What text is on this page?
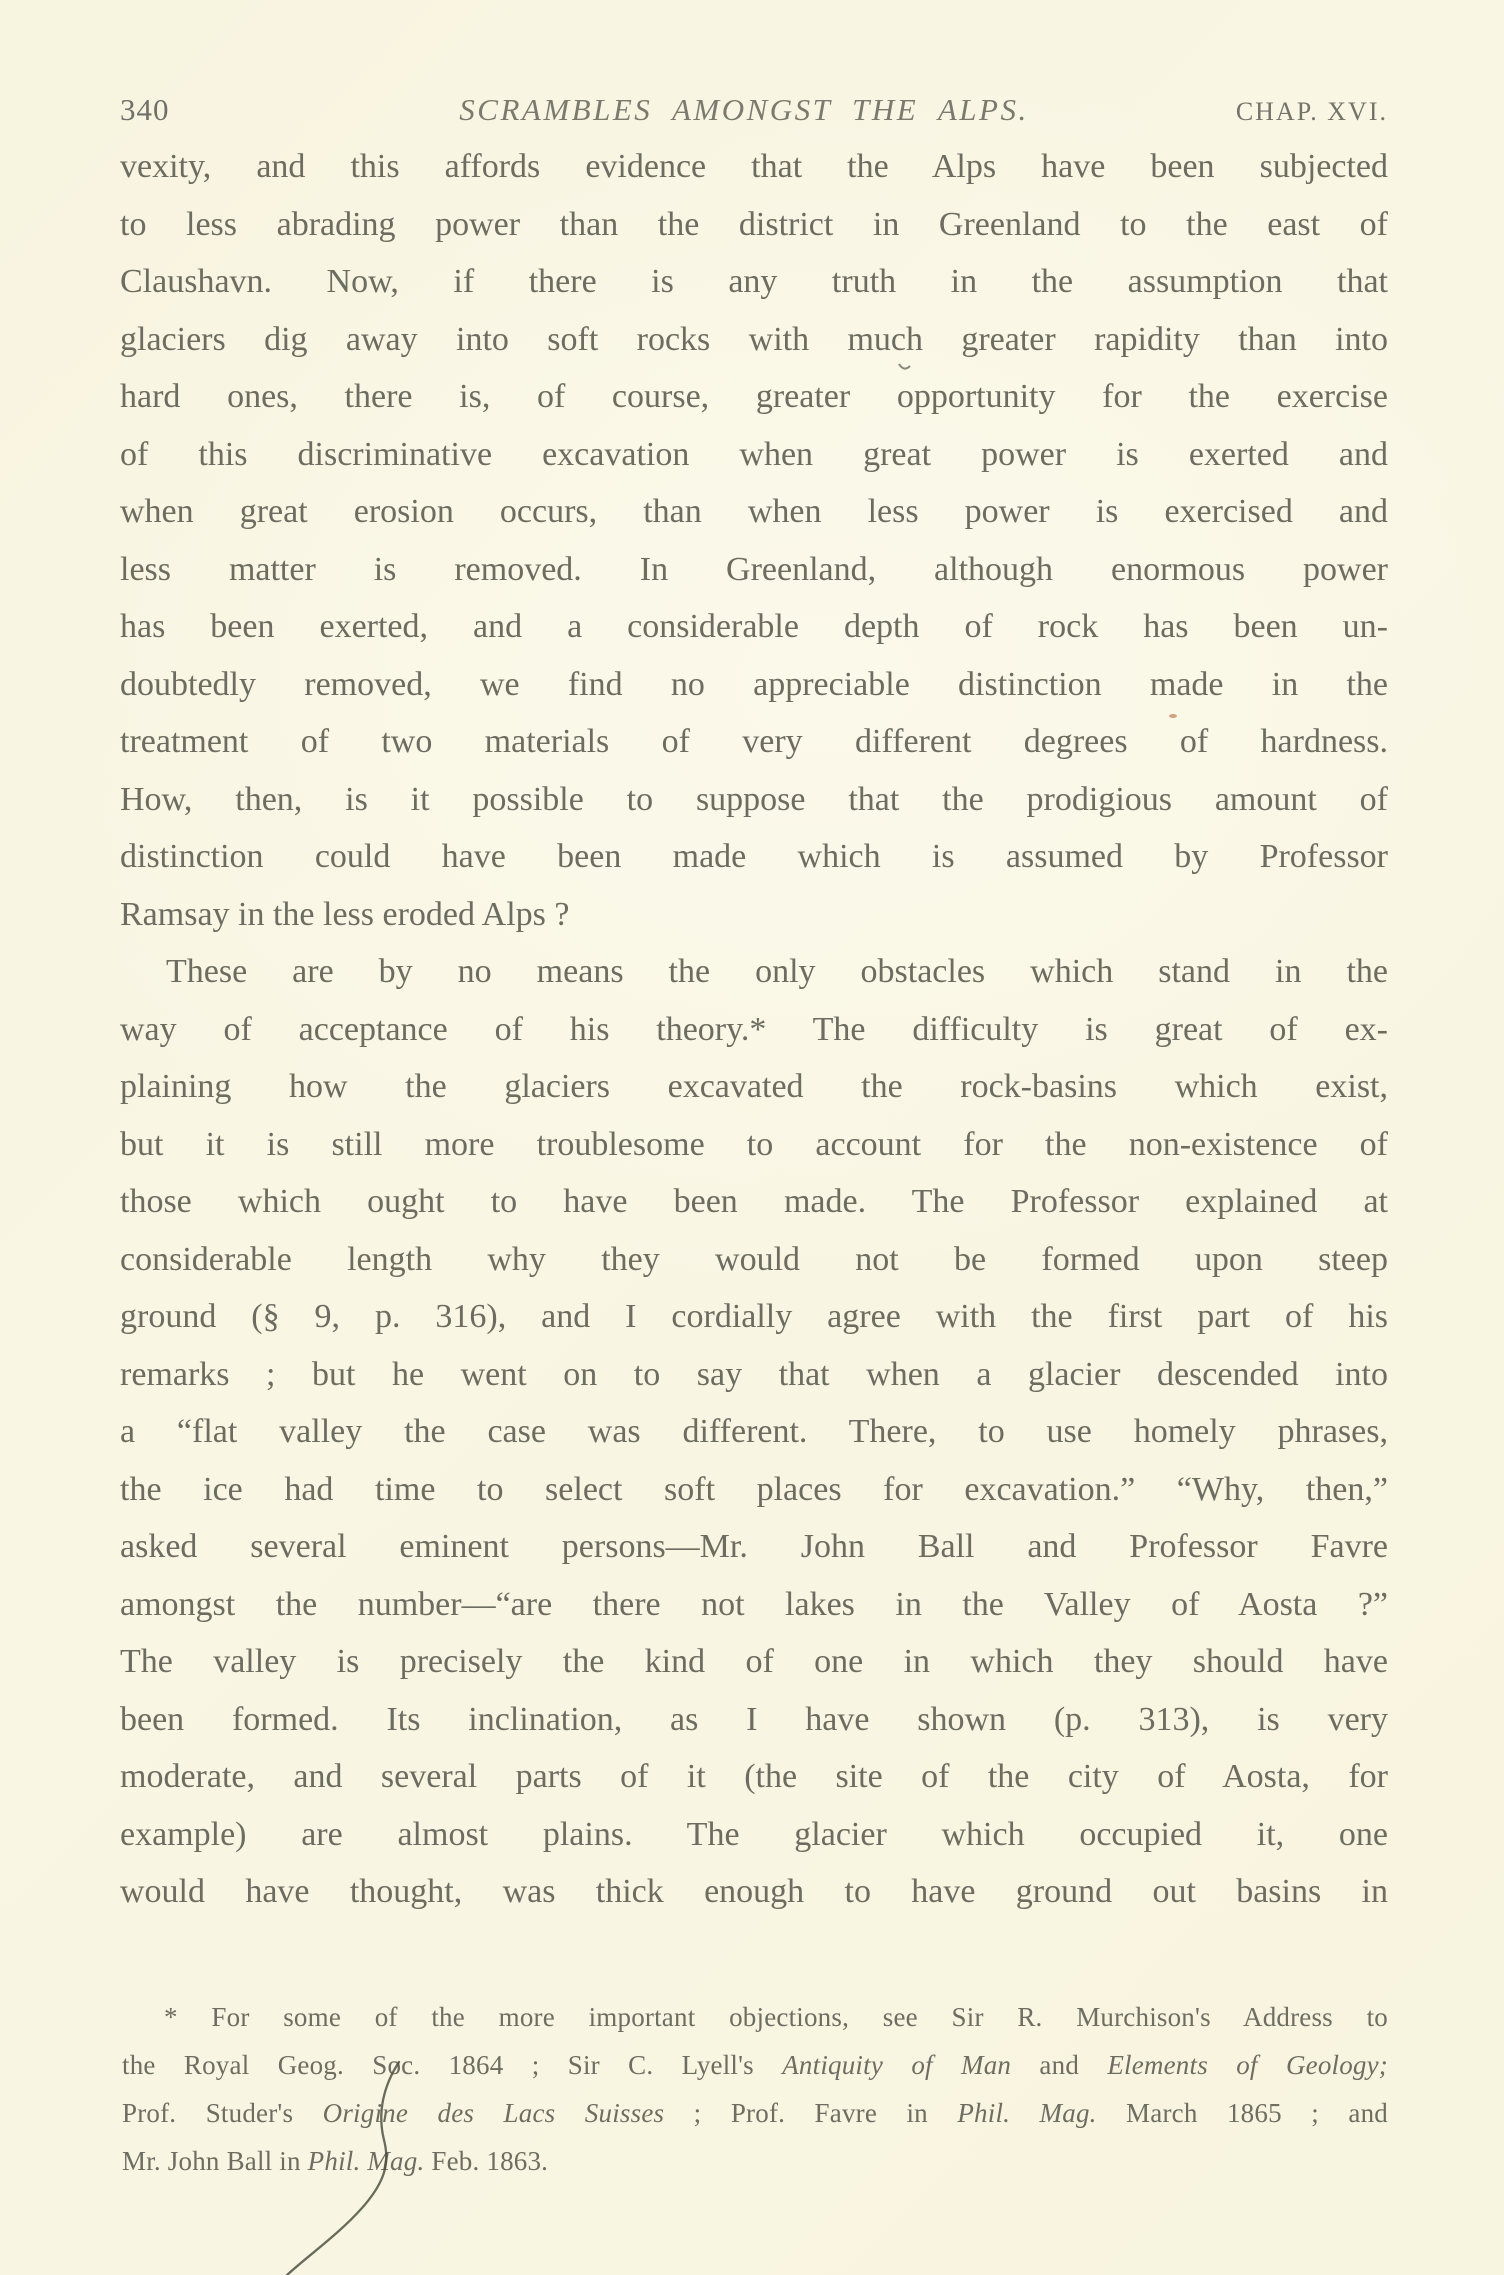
340	SCRAMBLES AMONGST THE ALPS.	CHAP. XVI.
vexity, and this affords evidence that the Alps have been subjected
to less abrading power than the district in Greenland to the east of
Claushavn. Now, if there is any truth in the assumption that
glaciers dig away into soft rocks with much greater rapidity than into
hard ones, there is, of course, greater opportunity for the exercise
of this discriminative excavation when great power is exerted and
when great erosion occurs, than when less power is exercised and
less matter is removed. In Greenland, although enormous power
has been exerted, and a considerable depth of rock has been un-
doubtedly removed, we find no appreciable distinction made in the
treatment of two materials of very different degrees of hardness.
How, then, is it possible to suppose that the prodigious amount of
distinction could have been made which is assumed by Professor
Ramsay in the less eroded Alps ?
These are by no means the only obstacles which stand in the
way of acceptance of his theory.* The difficulty is great of ex-
plaining how the glaciers excavated the rock-basins which exist,
but it is still more troublesome to account for the non-existence of
those which ought to have been made. The Professor explained at
considerable length why they would not be formed upon steep
ground (§ 9, p. 316), and I cordially agree with the first part of his
remarks ; but he went on to say that when a glacier descended into
a “flat valley the case was different. There, to use homely phrases,
the ice had time to select soft places for excavation.” “Why, then,”
asked several eminent persons—Mr. John Ball and Professor Favre
amongst the number—“are there not lakes in the Valley of Aosta ?”
The valley is precisely the kind of one in which they should have
been formed. Its inclination, as I have shown (p. 313), is very
moderate, and several parts of it (the site of the city of Aosta, for
example) are almost plains. The glacier which occupied it, one
would have thought, was thick enough to have ground out basins in
* For some of the more important objections, see Sir R. Murchison's Address to
the Royal Geog. Soc. 1864 ; Sir C. Lyell's Antiquity of Man and Elements of Geology;
Prof. Studer's Origine des Lacs Suisses ; Prof. Favre in Phil. Mag. March 1865 ; and
Mr. John Ball in Phil. Mag. Feb. 1863.
